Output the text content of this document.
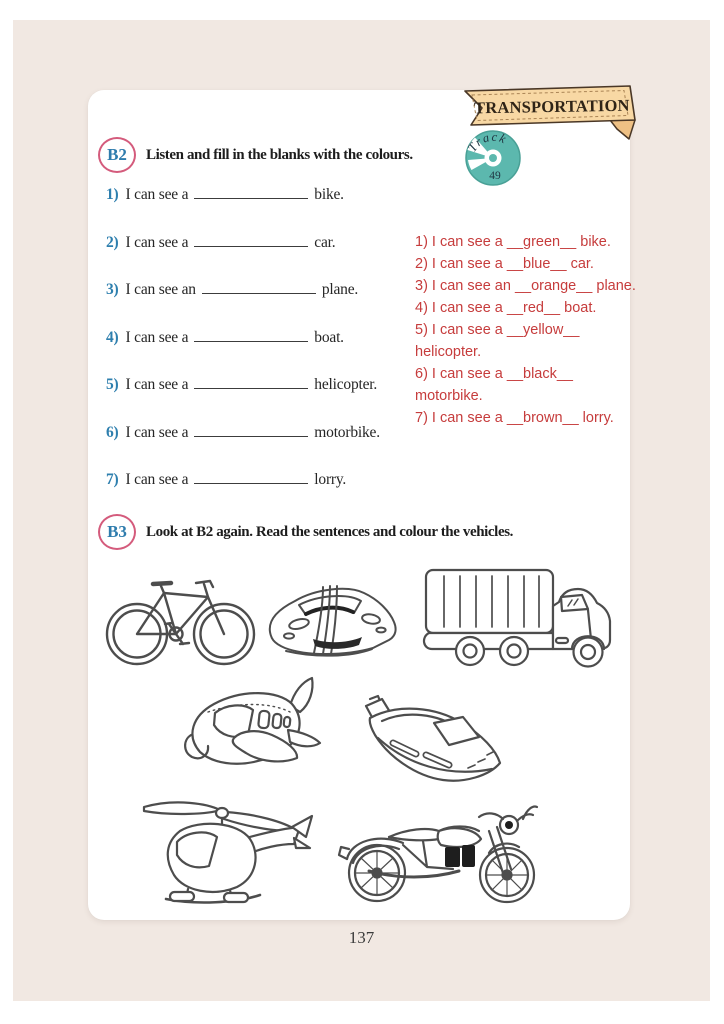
TRANSPORTATION
B2	Listen and fill in the blanks with the colours.	Track
49
1) I can see a	bike.
2) I can see a	car.
3) I can see an	plane.
4) I can see a	boat.
5) I can see a	helicopter.
6) I can see a	motorbike.
7) I can see a	lorry.
1) I can see a __green__ bike.
2) I can see a __blue__ car.
3) I can see an __orange__ plane.
4) I can see a __red__ boat.
5) I can see a __yellow__
helicopter.
6) I can see a __black__
motorbike.
7) I can see a __brown__ lorry.
B3	Look at B2 again. Read the sentences and colour the vehicles.
137
